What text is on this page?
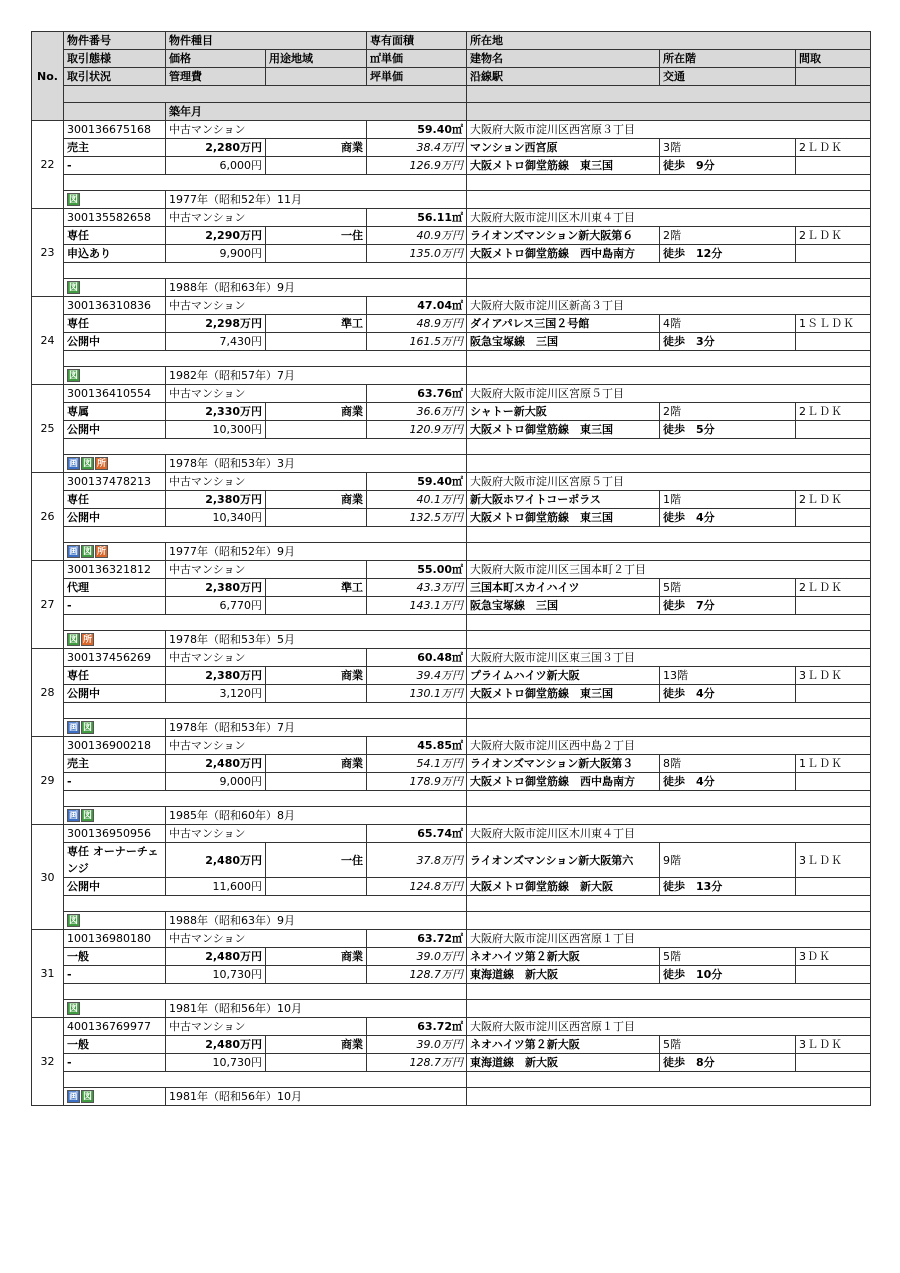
No.	物件番号	物件種目		専有面積	所在地		
	取引態様	価格	用途地域	㎡単価	建物名	所在階	間取
	取引状況	管理費		坪単価	沿線駅	交通	

		築年月					
22	300136675168	中古マンション		59.40㎡	大阪府大阪市淀川区西宮原３丁目		
	売主	2,280万円	商業	38.4万円	マンション西宮原	3階	2ＬＤＫ
	-	6,000円		126.9万円	大阪メトロ御堂筋線　東三国	徒歩　9分	

	図	1977年（昭和52年）11月					
23	300135582658	中古マンション		56.11㎡	大阪府大阪市淀川区木川東４丁目		
	専任	2,290万円	一住	40.9万円	ライオンズマンション新大阪第６	2階	2ＬＤＫ
	申込あり	9,900円		135.0万円	大阪メトロ御堂筋線　西中島南方	徒歩　12分	

	図	1988年（昭和63年）9月					
24	300136310836	中古マンション		47.04㎡	大阪府大阪市淀川区新高３丁目		
	専任	2,298万円	準工	48.9万円	ダイアパレス三国２号館	4階	1ＳＬＤＫ
	公開中	7,430円		161.5万円	阪急宝塚線　三国	徒歩　3分	

	図	1982年（昭和57年）7月					
25	300136410554	中古マンション		63.76㎡	大阪府大阪市淀川区宮原５丁目		
	専属	2,330万円	商業	36.6万円	シャトー新大阪	2階	2ＬＤＫ
	公開中	10,300円		120.9万円	大阪メトロ御堂筋線　東三国	徒歩　5分	

	画 図 所	1978年（昭和53年）3月					
26	300137478213	中古マンション		59.40㎡	大阪府大阪市淀川区宮原５丁目		
	専任	2,380万円	商業	40.1万円	新大阪ホワイトコーポラス	1階	2ＬＤＫ
	公開中	10,340円		132.5万円	大阪メトロ御堂筋線　東三国	徒歩　4分	

	画 図 所	1977年（昭和52年）9月					
27	300136321812	中古マンション		55.00㎡	大阪府大阪市淀川区三国本町２丁目		
	代理	2,380万円	準工	43.3万円	三国本町スカイハイツ	5階	2ＬＤＫ
	-	6,770円		143.1万円	阪急宝塚線　三国	徒歩　7分	

	図 所	1978年（昭和53年）5月					
28	300137456269	中古マンション		60.48㎡	大阪府大阪市淀川区東三国３丁目		
	専任	2,380万円	商業	39.4万円	プライムハイツ新大阪	13階	3ＬＤＫ
	公開中	3,120円		130.1万円	大阪メトロ御堂筋線　東三国	徒歩　4分	

	画 図	1978年（昭和53年）7月					
29	300136900218	中古マンション		45.85㎡	大阪府大阪市淀川区西中島２丁目		
	売主	2,480万円	商業	54.1万円	ライオンズマンション新大阪第３	8階	1ＬＤＫ
	-	9,000円		178.9万円	大阪メトロ御堂筋線　西中島南方	徒歩　4分	

	画 図	1985年（昭和60年）8月					
30	300136950956	中古マンション		65.74㎡	大阪府大阪市淀川区木川東４丁目		
	専任 オーナーチェンジ	2,480万円	一住	37.8万円	ライオンズマンション新大阪第六	9階	3ＬＤＫ
	公開中	11,600円		124.8万円	大阪メトロ御堂筋線　新大阪	徒歩　13分	

	図	1988年（昭和63年）9月					
31	100136980180	中古マンション		63.72㎡	大阪府大阪市淀川区西宮原１丁目		
	一般	2,480万円	商業	39.0万円	ネオハイツ第２新大阪	5階	3ＤＫ
	-	10,730円		128.7万円	東海道線　新大阪	徒歩　10分	

	図	1981年（昭和56年）10月					
32	400136769977	中古マンション		63.72㎡	大阪府大阪市淀川区西宮原１丁目		
	一般	2,480万円	商業	39.0万円	ネオハイツ第２新大阪	5階	3ＬＤＫ
	-	10,730円		128.7万円	東海道線　新大阪	徒歩　8分	

	画 図	1981年（昭和56年）10月					
